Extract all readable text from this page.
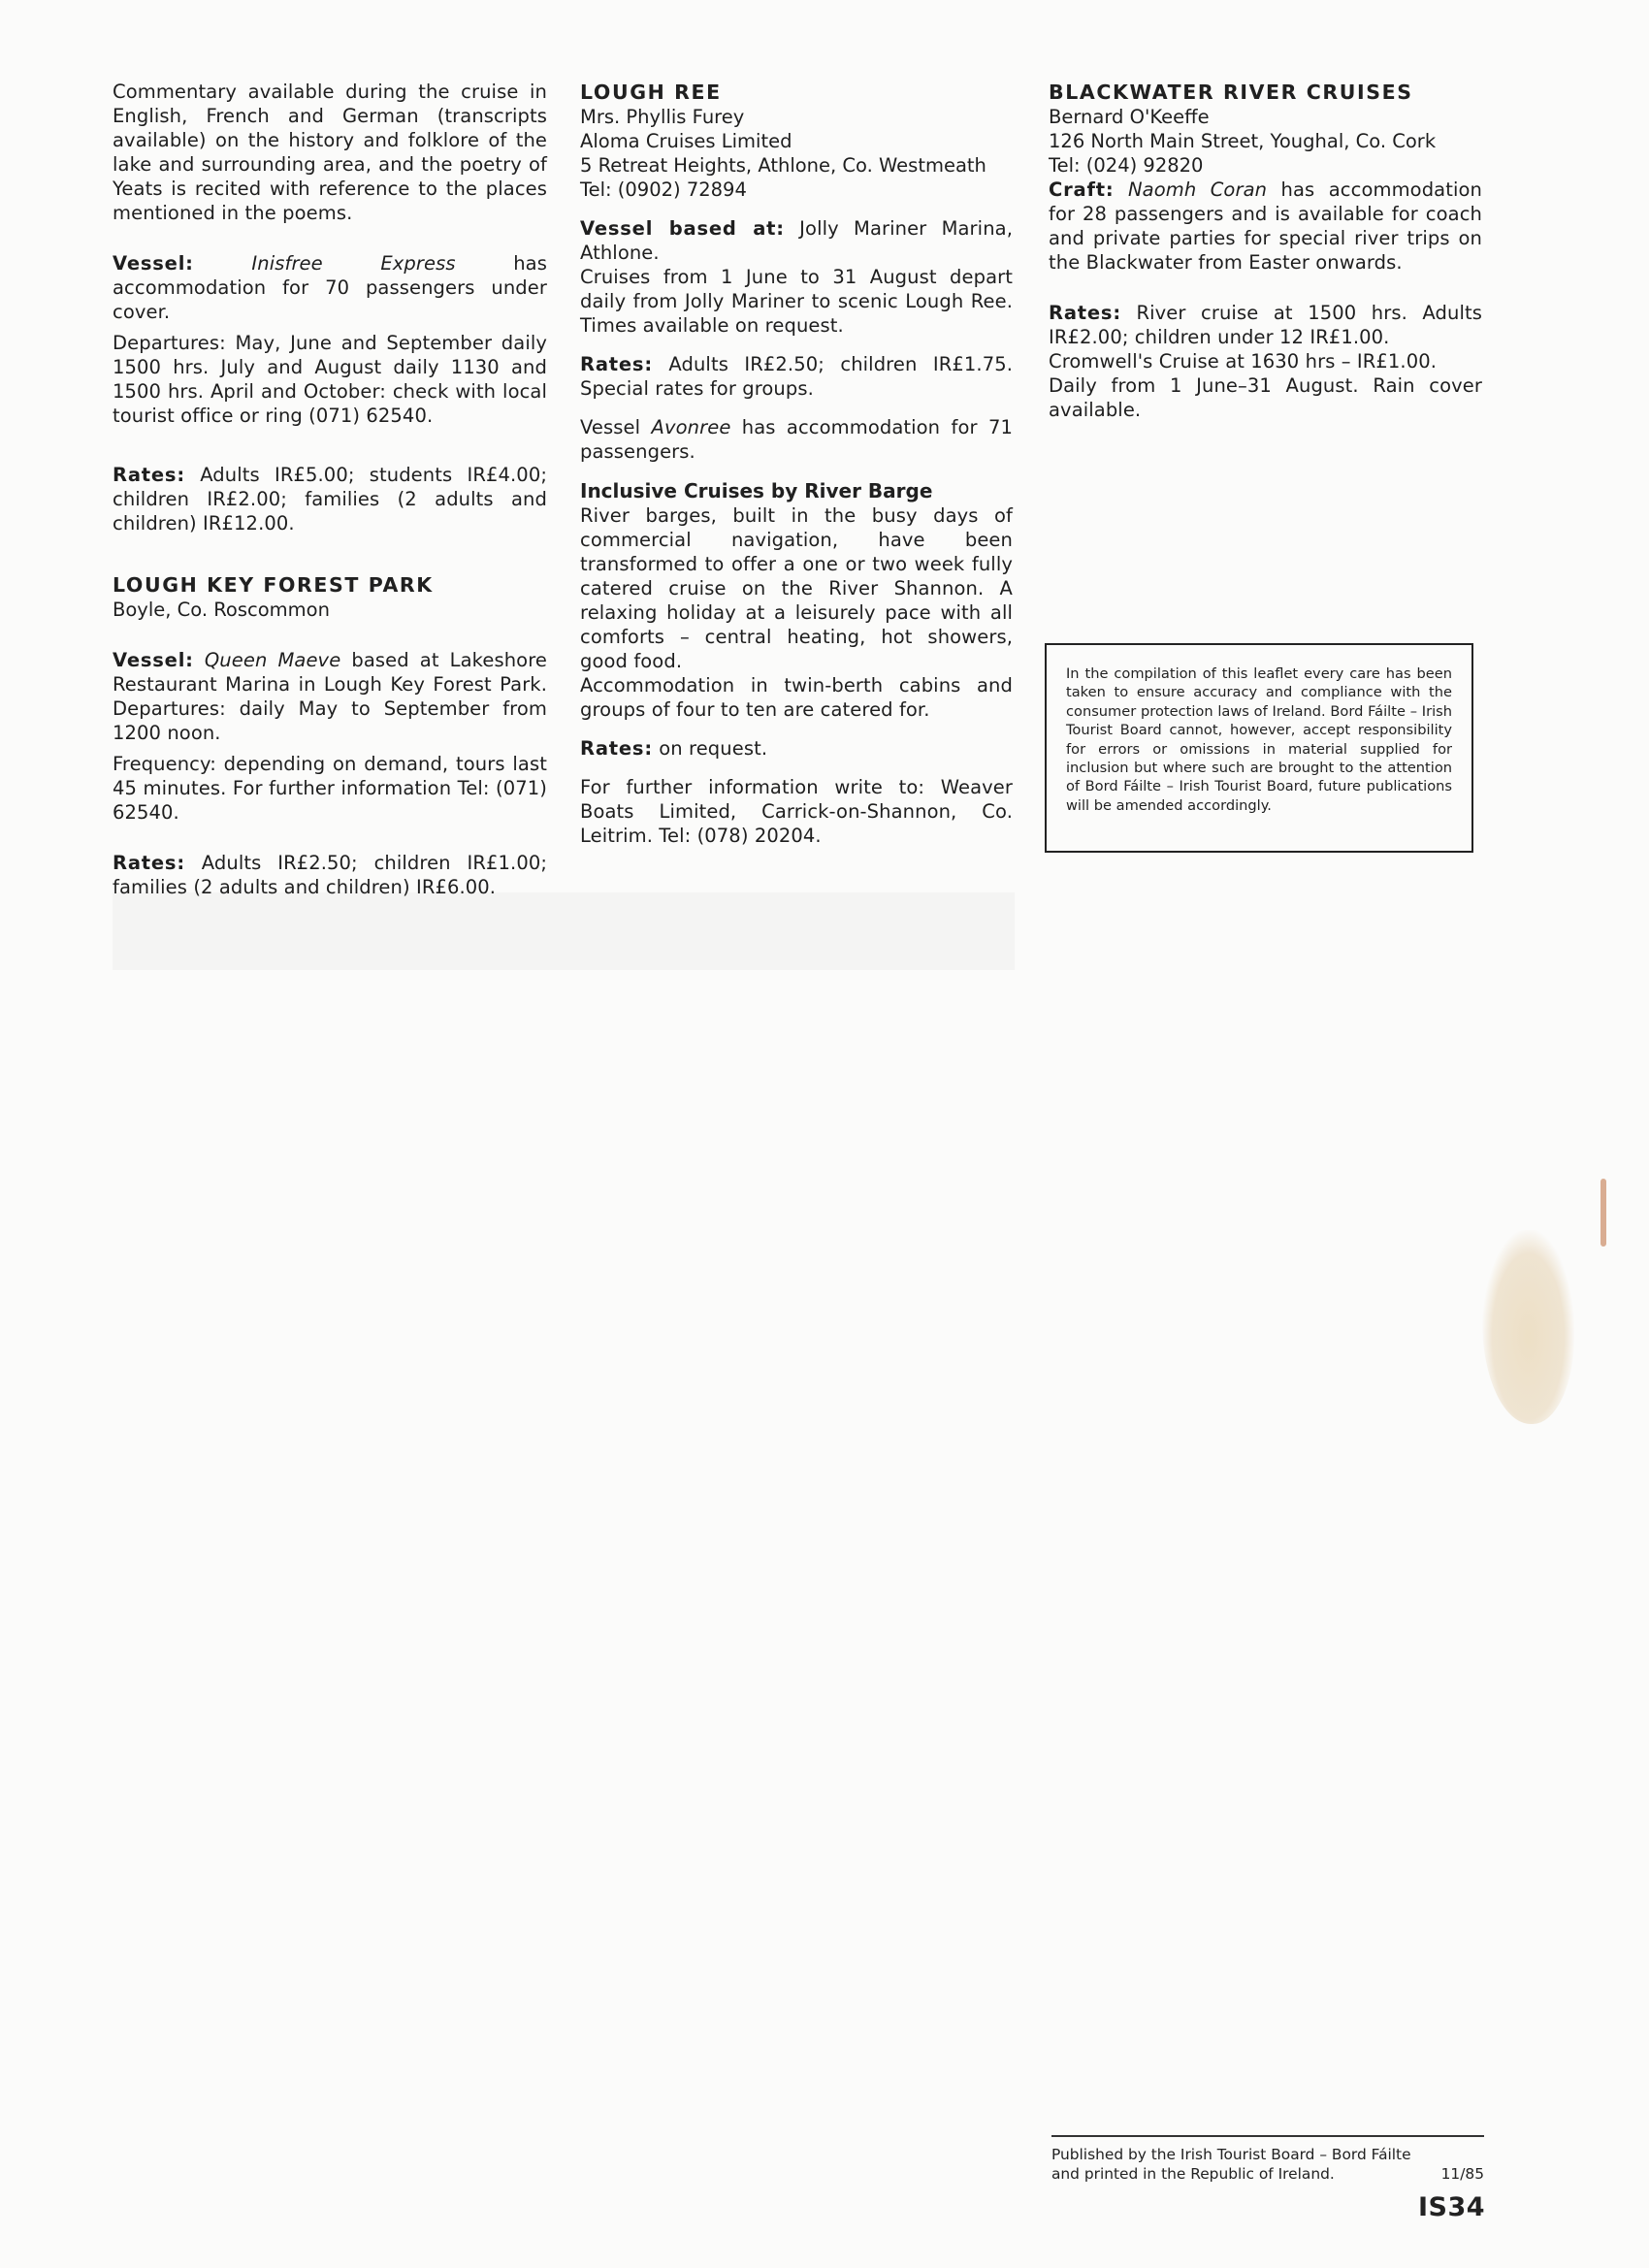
Commentary available during the cruise in English, French and German (transcripts available) on the history and folklore of the lake and surrounding area, and the poetry of Yeats is recited with reference to the places mentioned in the poems.

Vessel:	Inisfree Express has accommodation for 70 passengers under cover.

Departures: May, June and September daily 1500 hrs. July and August daily 1130 and 1500 hrs. April and October: check with local tourist office or ring (071) 62540.

Rates: Adults IR£5.00; students IR£4.00; children IR£2.00; families (2 adults and children) IR£12.00.

LOUGH KEY FOREST PARK
Boyle, Co. Roscommon

Vessel: Queen Maeve based at Lakeshore Restaurant Marina in Lough Key Forest Park. Departures: daily May to September from 1200 noon.

Frequency: depending on demand, tours last 45 minutes. For further information Tel: (071) 62540.

Rates: Adults IR£2.50; children IR£1.00; families (2 adults and children) IR£6.00.

LOUGH REE
Mrs. Phyllis Furey
Aloma Cruises Limited
5 Retreat Heights, Athlone, Co. Westmeath
Tel: (0902) 72894

Vessel based at: Jolly Mariner Marina, Athlone.

Cruises from 1 June to 31 August depart daily from Jolly Mariner to scenic Lough Ree. Times available on request.

Rates: Adults IR£2.50; children IR£1.75. Special rates for groups.

Vessel Avonree has accommodation for 71 passengers.

Inclusive Cruises by River Barge

River barges, built in the busy days of commercial navigation, have been transformed to offer a one or two week fully catered cruise on the River Shannon. A relaxing holiday at a leisurely pace with all comforts – central heating, hot showers, good food.

Accommodation in twin-berth cabins and groups of four to ten are catered for.

Rates: on request.

For further information write to: Weaver Boats Limited, Carrick-on-Shannon, Co. Leitrim. Tel: (078) 20204.

BLACKWATER RIVER CRUISES
Bernard O'Keeffe
126 North Main Street, Youghal, Co. Cork
Tel: (024) 92820

Craft: Naomh Coran has accommodation for 28 passengers and is available for coach and private parties for special river trips on the Blackwater from Easter onwards.

Rates: River cruise at 1500 hrs. Adults IR£2.00; children under 12 IR£1.00.

Cromwell's Cruise at 1630 hrs – IR£1.00.

Daily from 1 June–31 August. Rain cover available.

In the compilation of this leaflet every care has been taken to ensure accuracy and compliance with the consumer protection laws of Ireland. Bord Fáilte – Irish Tourist Board cannot, however, accept responsibility for errors or omissions in material supplied for inclusion but where such are brought to the attention of Bord Fáilte – Irish Tourist Board, future publications will be amended accordingly.

Published by the Irish Tourist Board – Bord Fáilte
and printed in the Republic of Ireland.	11/85
IS34
